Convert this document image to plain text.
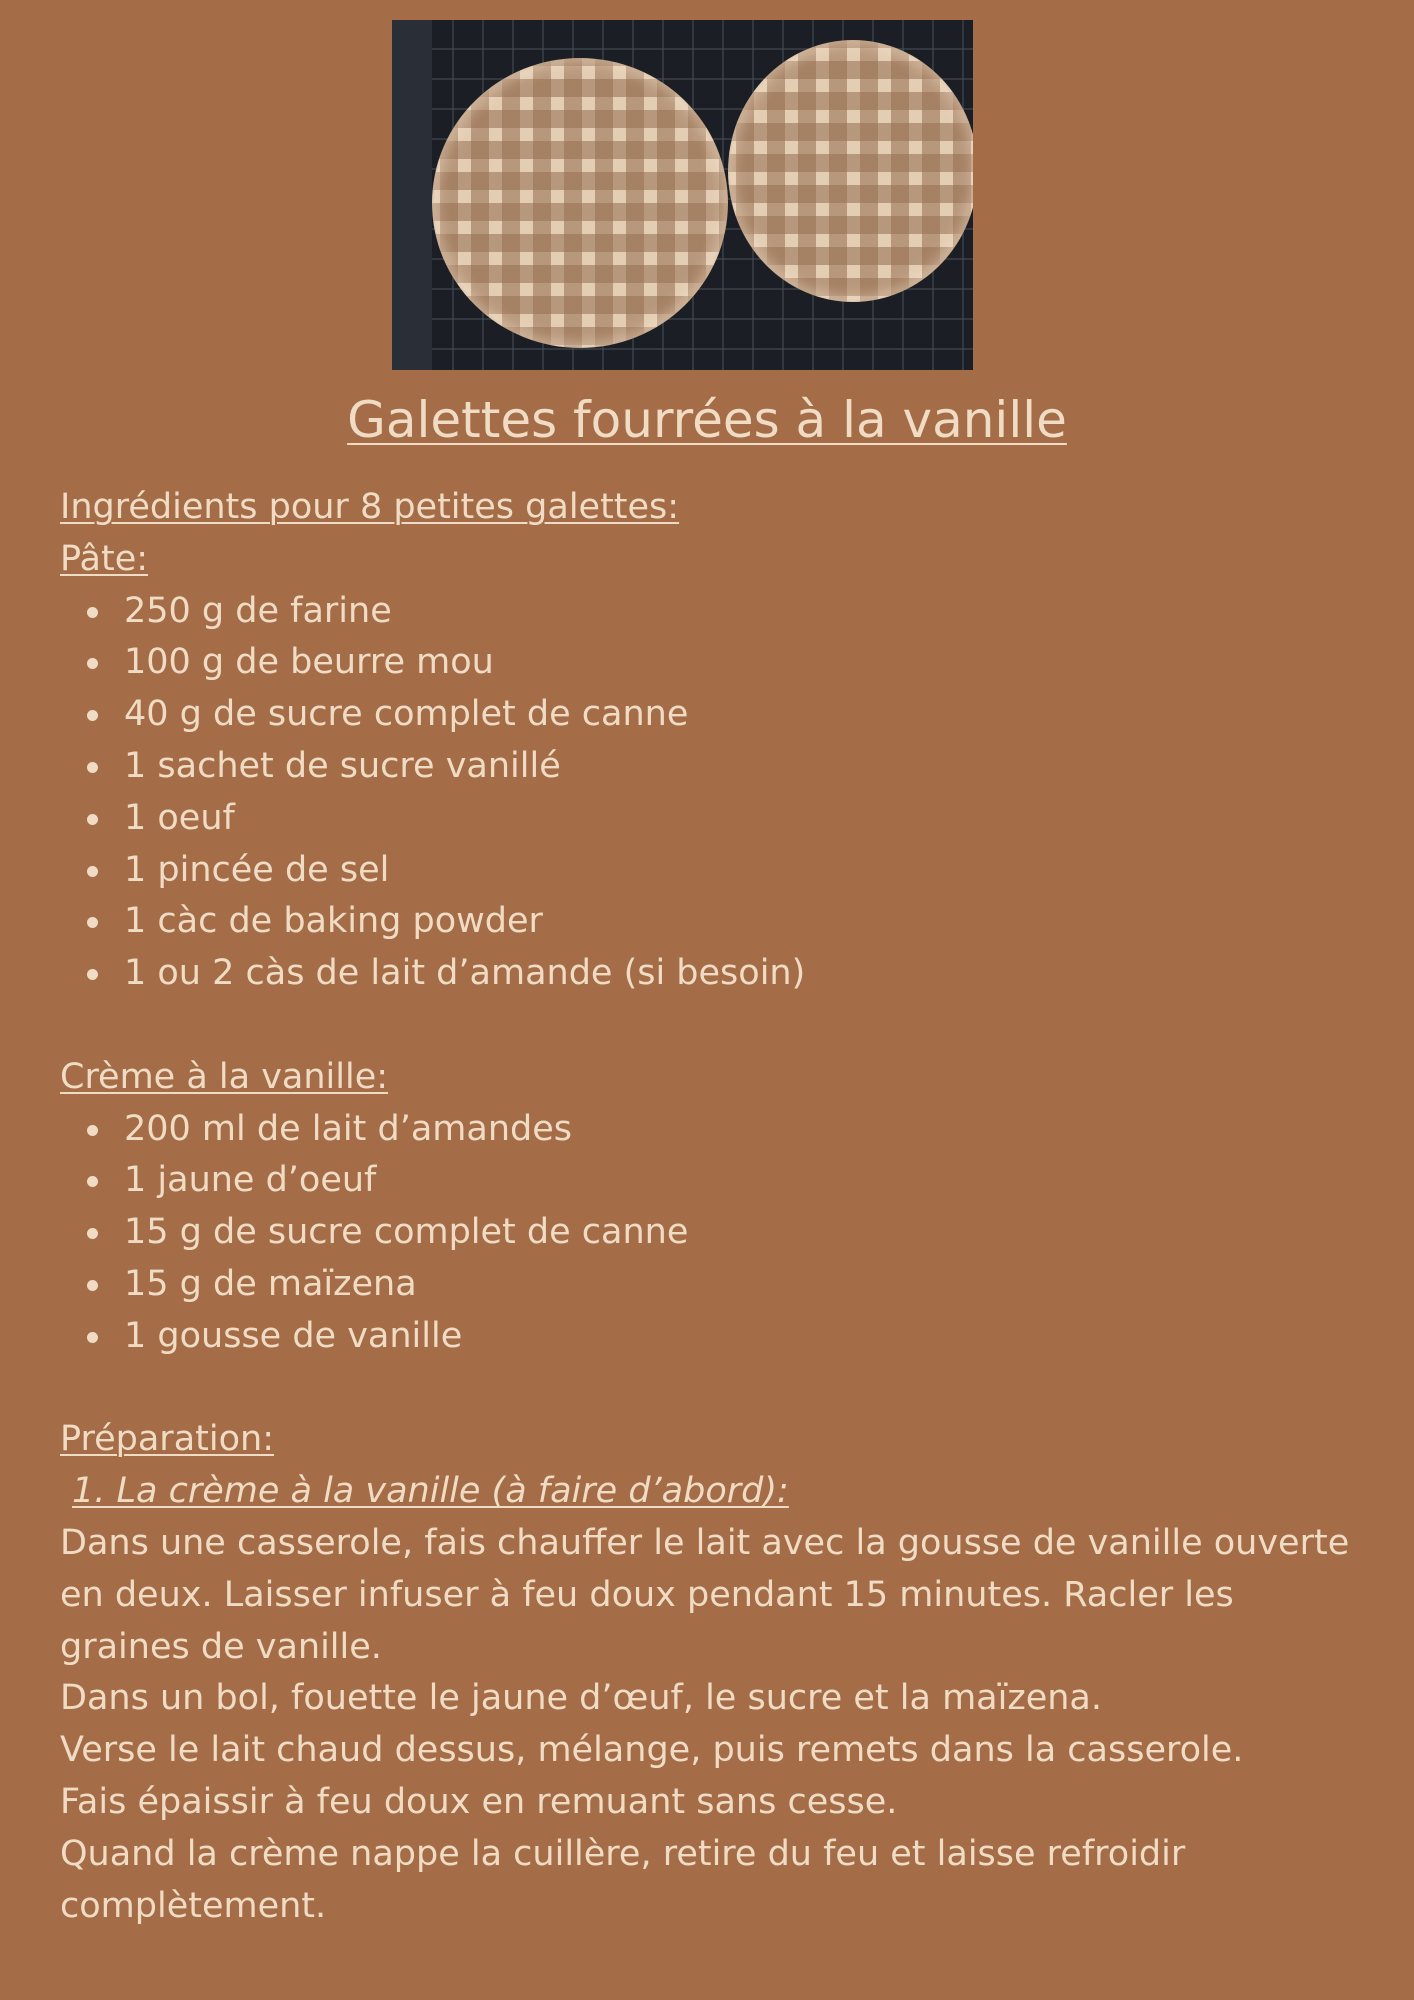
Galettes fourrées à la vanille

Ingrédients pour 8 petites galettes:

Pâte:

250 g de farine
100 g de beurre mou
40 g de sucre complet de canne
1 sachet de sucre vanillé
1 oeuf
1 pincée de sel
1 càc de baking powder
1 ou 2 càs de lait d’amande (si besoin)

Crème à la vanille:

200 ml de lait d’amandes
1 jaune d’oeuf
15 g de sucre complet de canne
15 g de maïzena
1 gousse de vanille

Préparation:

1. La crème à la vanille (à faire d’abord):

Dans une casserole, fais chauffer le lait avec la gousse de vanille ouverte en deux. Laisser infuser à feu doux pendant 15 minutes. Racler les graines de vanille.

Dans un bol, fouette le jaune d’œuf, le sucre et la maïzena.

Verse le lait chaud dessus, mélange, puis remets dans la casserole.

Fais épaissir à feu doux en remuant sans cesse.

Quand la crème nappe la cuillère, retire du feu et laisse refroidir complètement.
